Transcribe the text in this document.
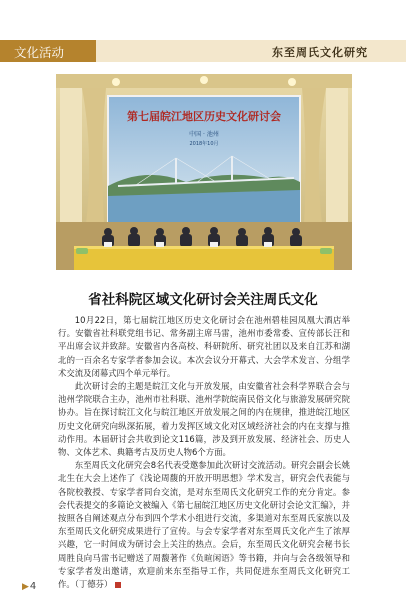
文化活动	东至周氏文化研究
第七届皖江地区历史文化研讨会
中国 · 池州
2018年10月
省社科院区域文化研讨会关注周氏文化

10月22日，第七届皖江地区历史文化研讨会在池州碧桂园凤凰大酒店举行。安徽省社科联党组书记、常务副主席马雷，池州市委常委、宣传部长汪和平出席会议并致辞。安徽省内各高校、科研院所、研究社团以及来自江苏和湖北的一百余名专家学者参加会议。本次会议分开幕式、大会学术发言、分组学术交流及闭幕式四个单元举行。

此次研讨会的主题是皖江文化与开放发展，由安徽省社会科学界联合会与池州学院联合主办，池州市社科联、池州学院皖南民俗文化与旅游发展研究院协办。旨在探讨皖江文化与皖江地区开放发展之间的内在规律，推进皖江地区历史文化研究向纵深拓展，着力发挥区域文化对区域经济社会的内在支撑与推动作用。本届研讨会共收到论文116篇，涉及到开放发展、经济社会、历史人物、文体艺术、典籍考古及历史人物6个方面。

东至周氏文化研究会8名代表受邀参加此次研讨交流活动。研究会副会长姚北生在大会上述作了《浅论周馥的开放开明思想》学术发言，研究会代表能与各院校教授、专家学者同台交流，是对东至周氏文化研究工作的充分肯定。参会代表提交的多篇论文被编入《第七届皖江地区历史文化研讨会论文汇编》，并按照各自阐述观点分布到四个学术小组进行交流，多渠道对东至周氏家族以及东至周氏文化研究成果进行了宣传。与会专家学者对东至周氏文化产生了浓厚兴趣，它一时间成为研讨会上关注的热点。会后，东至周氏文化研究会秘书长周胜良向马雷书记赠送了周馥著作《负暄闲语》等书籍，并向与会各级领导和专家学者发出邀请，欢迎前来东至指导工作，共同促进东至周氏文化研究工作。（丁德芬）

▶4
